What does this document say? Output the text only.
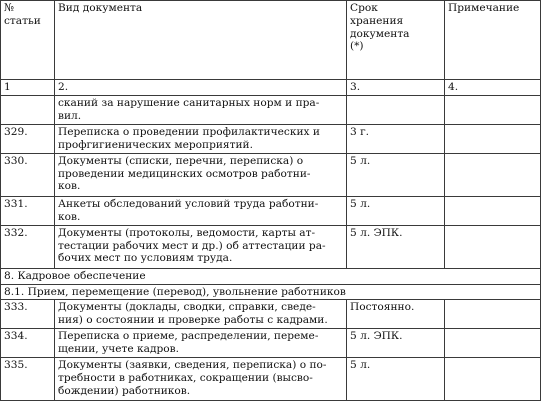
№
статьи	Вид документа	Срок
хранения
документа
(*)	Примечание

1	2.	3.	4.

	сканий за нарушение санитарных норм и пра-
вил.		

329.	Переписка о проведении профилактических и
профгигиенических мероприятий.	3 г.	
330.	Документы (списки, перечни, переписка) о
проведении медицинских осмотров работни-
ков.	5 л.	
331.	Анкеты обследований условий труда работни-
ков.	5 л.	
332.	Документы (протоколы, ведомости, карты ат-
тестации рабочих мест и др.) об аттестации ра-
бочих мест по условиям труда.	5 л. ЭПК.	
8. Кадровое обеспечение			
8.1. Прием, перемещение (перевод), увольнение работников			
333.	Документы (доклады, сводки, справки, сведе-
ния) о состоянии и проверке работы с кадрами.	Постоянно.	
334.	Переписка о приеме, распределении, переме-
щении, учете кадров.	5 л. ЭПК.	
335.	Документы (заявки, сведения, переписка) о по-
требности в работниках, сокращении (высво-
бождении) работников.	5 л.	
